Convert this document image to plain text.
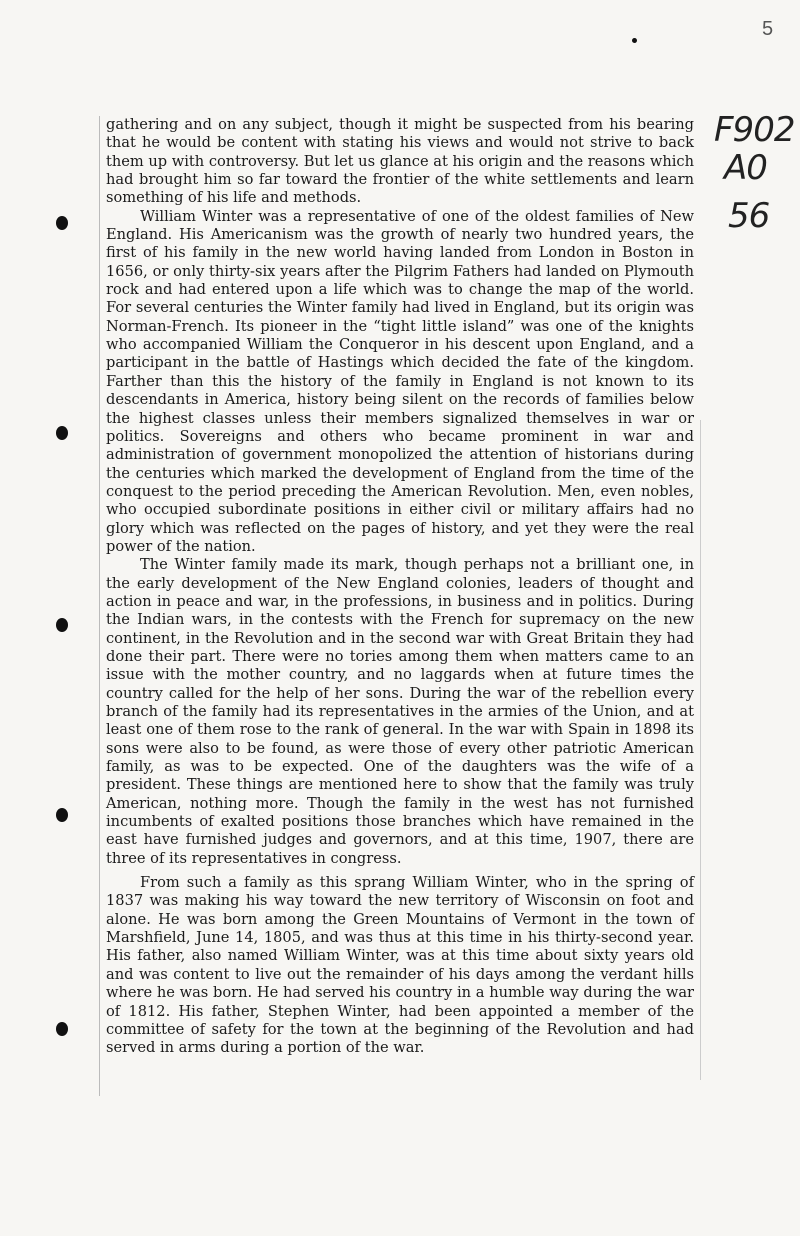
5
F902
A0
56

gathering and on any subject, though it might be suspected from his bearing that he would be content with stating his views and would not strive to back them up with controversy. But let us glance at his origin and the reasons which had brought him so far toward the frontier of the white settlements and learn something of his life and methods.

William Winter was a representative of one of the oldest families of New England. His Americanism was the growth of nearly two hundred years, the first of his family in the new world having landed from London in Boston in 1656, or only thirty-six years after the Pilgrim Fathers had landed on Plymouth rock and had entered upon a life which was to change the map of the world. For several centuries the Winter family had lived in England, but its origin was Norman-French. Its pioneer in the “tight little island” was one of the knights who accompanied William the Conqueror in his descent upon England, and a participant in the battle of Hastings which decided the fate of the kingdom. Farther than this the history of the family in England is not known to its descendants in America, history being silent on the records of families below the highest classes unless their members signalized themselves in war or politics. Sovereigns and others who became prominent in war and administration of government monopolized the attention of historians during the centuries which marked the development of England from the time of the conquest to the period preceding the American Revolution. Men, even nobles, who occupied subordinate positions in either civil or military affairs had no glory which was reflected on the pages of history, and yet they were the real power of the nation.

The Winter family made its mark, though perhaps not a brilliant one, in the early development of the New England colonies, leaders of thought and action in peace and war, in the professions, in business and in politics. During the Indian wars, in the contests with the French for supremacy on the new continent, in the Revolution and in the second war with Great Britain they had done their part. There were no tories among them when matters came to an issue with the mother country, and no laggards when at future times the country called for the help of her sons. During the war of the rebellion every branch of the family had its representatives in the armies of the Union, and at least one of them rose to the rank of general. In the war with Spain in 1898 its sons were also to be found, as were those of every other patriotic American family, as was to be expected. One of the daughters was the wife of a president. These things are mentioned here to show that the family was truly American, nothing more. Though the family in the west has not furnished incumbents of exalted positions those branches which have remained in the east have furnished judges and governors, and at this time, 1907, there are three of its representatives in congress.

From such a family as this sprang William Winter, who in the spring of 1837 was making his way toward the new territory of Wisconsin on foot and alone. He was born among the Green Mountains of Vermont in the town of Marshfield, June 14, 1805, and was thus at this time in his thirty-second year. His father, also named William Winter, was at this time about sixty years old and was content to live out the remainder of his days among the verdant hills where he was born. He had served his country in a humble way during the war of 1812. His father, Stephen Winter, had been appointed a member of the committee of safety for the town at the beginning of the Revolution and had served in arms during a portion of the war.
